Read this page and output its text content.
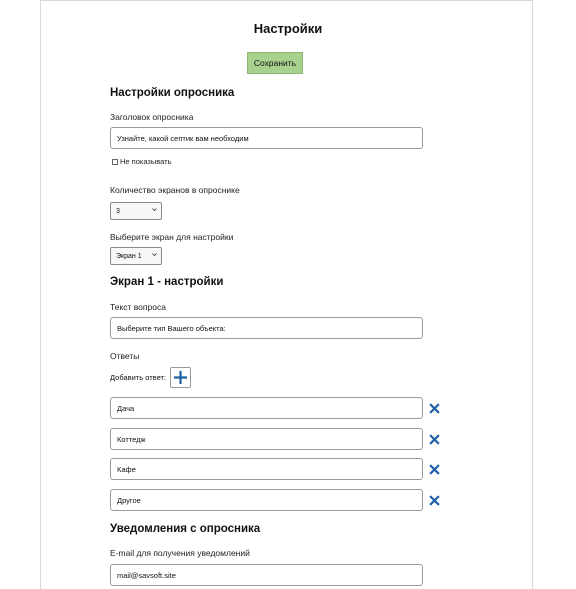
Настройки
Сохранить
Настройки опросника
Заголовок опросника
Узнайте, какой септик вам необходим
Не показывать
Количество экранов в опроснике
3
Выберите экран для настройки
Экран 1
Экран 1 - настройки
Текст вопроса
Выберите тип Вашего объекта:
Ответы
Добавить ответ:
Дача
Коттедж
Кафе
Другое
Уведомления с опросника
E-mail для получения уведомлений
mail@savsoft.site
